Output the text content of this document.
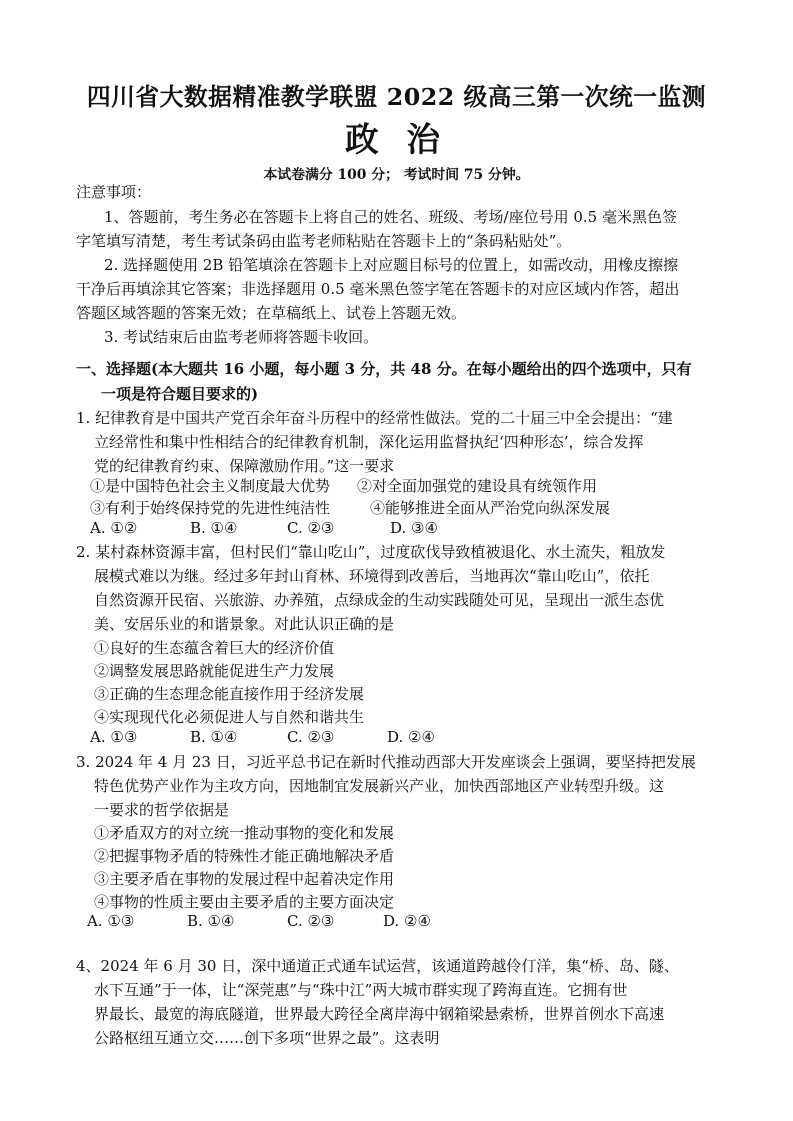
四川省大数据精准教学联盟 2022 级高三第一次统一监测
政 治
本试卷满分 100 分； 考试时间 75 分钟。
注意事项：
1、答题前，考生务必在答题卡上将自己的姓名、班级、考场/座位号用 0.5 毫米黑色签
字笔填写清楚，考生考试条码由监考老师粘贴在答题卡上的“条码粘贴处”。
2. 选择题使用 2B 铅笔填涂在答题卡上对应题目标号的位置上，如需改动，用橡皮擦擦
干净后再填涂其它答案；非选择题用 0.5 毫米黑色签字笔在答题卡的对应区域内作答，超出
答题区域答题的答案无效；在草稿纸上、试卷上答题无效。
3. 考试结束后由监考老师将答题卡收回。
一、选择题(本大题共 16 小题，每小题 3 分，共 48 分。在每小题给出的四个选项中，只有
一项是符合题目要求的)
1. 纪律教育是中国共产党百余年奋斗历程中的经常性做法。党的二十届三中全会提出：“建
立经常性和集中性相结合的纪律教育机制，深化运用监督执纪‘四种形态’，综合发挥
党的纪律教育约束、保障激励作用。”这一要求
①是中国特色社会主义制度最大优势 ②对全面加强党的建设具有统领作用
③有利于始终保持党的先进性纯洁性	④能够推进全面从严治党向纵深发展
A. ①②	B. ①④	C. ②③	D. ③④
2. 某村森林资源丰富，但村民们“靠山吃山”，过度砍伐导致植被退化、水土流失，粗放发
展模式难以为继。经过多年封山育林、环境得到改善后，当地再次“靠山吃山”，依托
自然资源开民宿、兴旅游、办养殖，点绿成金的生动实践随处可见，呈现出一派生态优
美、安居乐业的和谐景象。对此认识正确的是
①良好的生态蕴含着巨大的经济价值
②调整发展思路就能促进生产力发展
③正确的生态理念能直接作用于经济发展
④实现现代化必须促进人与自然和谐共生
A. ①③	B. ①④	C. ②③	D. ②④
3. 2024 年 4 月 23 日，习近平总书记在新时代推动西部大开发座谈会上强调，要坚持把发展
特色优势产业作为主攻方向，因地制宜发展新兴产业，加快西部地区产业转型升级。这
一要求的哲学依据是
①矛盾双方的对立统一推动事物的变化和发展
②把握事物矛盾的特殊性才能正确地解决矛盾
③主要矛盾在事物的发展过程中起着决定作用
④事物的性质主要由主要矛盾的主要方面决定
A. ①③	B. ①④	C. ②③	D. ②④
4、2024 年 6 月 30 日，深中通道正式通车试运营，该通道跨越伶仃洋，集“桥、岛、隧、
水下互通”于一体，让“深莞惠”与“珠中江”两大城市群实现了跨海直连。它拥有世
界最长、最宽的海底隧道，世界最大跨径全离岸海中钢箱梁悬索桥，世界首例水下高速
公路枢纽互通立交……创下多项“世界之最”。这表明
